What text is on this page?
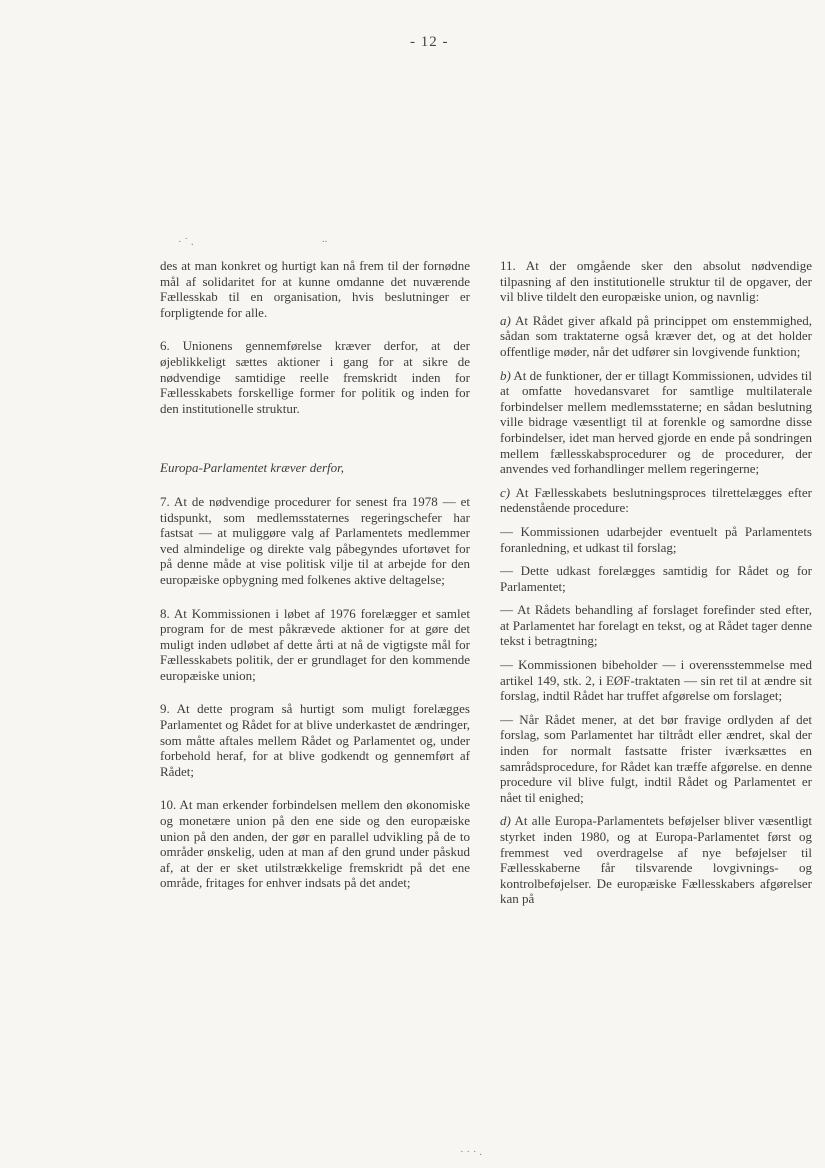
- 12 -
· ˙ .	..
· · · .

des at man konkret og hurtigt kan nå frem til der fornødne mål af solidaritet for at kunne omdanne det nuværende Fællesskab til en organisation, hvis beslutninger er forpligtende for alle.

6. Unionens gennemførelse kræver derfor, at der øjeblikkeligt sættes aktioner i gang for at sikre de nødvendige samtidige reelle fremskridt inden for Fællesskabets forskellige former for politik og inden for den institutionelle struktur.

Europa-Parlamentet kræver derfor,

7. At de nødvendige procedurer for senest fra 1978 — et tidspunkt, som medlemsstaternes regeringschefer har fastsat — at muliggøre valg af Parlamentets medlemmer ved almindelige og direkte valg påbegyndes ufortøvet for på denne måde at vise politisk vilje til at arbejde for den europæiske opbygning med folkenes aktive deltagelse;

8. At Kommissionen i løbet af 1976 forelægger et samlet program for de mest påkrævede aktioner for at gøre det muligt inden udløbet af dette årti at nå de vigtigste mål for Fællesskabets politik, der er grundlaget for den kommende europæiske union;

9. At dette program så hurtigt som muligt forelægges Parlamentet og Rådet for at blive underkastet de ændringer, som måtte aftales mellem Rådet og Parlamentet og, under forbehold heraf, for at blive godkendt og gennemført af Rådet;

10. At man erkender forbindelsen mellem den økonomiske og monetære union på den ene side og den europæiske union på den anden, der gør en parallel udvikling på de to områder ønskelig, uden at man af den grund under påskud af, at der er sket utilstrækkelige fremskridt på det ene område, fritages for enhver indsats på det andet;

11. At der omgående sker den absolut nødvendige tilpasning af den institutionelle struktur til de opgaver, der vil blive tildelt den europæiske union, og navnlig:

a) At Rådet giver afkald på princippet om enstemmighed, sådan som traktaterne også kræver det, og at det holder offentlige møder, når det udfører sin lovgivende funktion;

b) At de funktioner, der er tillagt Kommissionen, udvides til at omfatte hovedansvaret for samtlige multilaterale forbindelser mellem medlemsstaterne; en sådan beslutning ville bidrage væsentligt til at forenkle og samordne disse forbindelser, idet man herved gjorde en ende på sondringen mellem fællesskabsprocedurer og de procedurer, der anvendes ved forhandlinger mellem regeringerne;

c) At Fællesskabets beslutningsproces tilrettelægges efter nedenstående procedure:

— Kommissionen udarbejder eventuelt på Parlamentets foranledning, et udkast til forslag;

— Dette udkast forelægges samtidig for Rådet og for Parlamentet;

— At Rådets behandling af forslaget forefinder sted efter, at Parlamentet har forelagt en tekst, og at Rådet tager denne tekst i betragtning;

— Kommissionen bibeholder — i overensstemmelse med artikel 149, stk. 2, i EØF-traktaten — sin ret til at ændre sit forslag, indtil Rådet har truffet afgørelse om forslaget;

— Når Rådet mener, at det bør fravige ordlyden af det forslag, som Parlamentet har tiltrådt eller ændret, skal der inden for normalt fastsatte frister iværksættes en samrådsprocedure, for Rådet kan træffe afgørelse. en denne procedure vil blive fulgt, indtil Rådet og Parlamentet er nået til enighed;

d) At alle Europa-Parlamentets beføjelser bliver væsentligt styrket inden 1980, og at Europa-Parlamentet først og fremmest ved overdragelse af nye beføjelser til Fællesskaberne får tilsvarende lovgivnings- og kontrolbeføjelser. De europæiske Fællesskabers afgørelser kan på
